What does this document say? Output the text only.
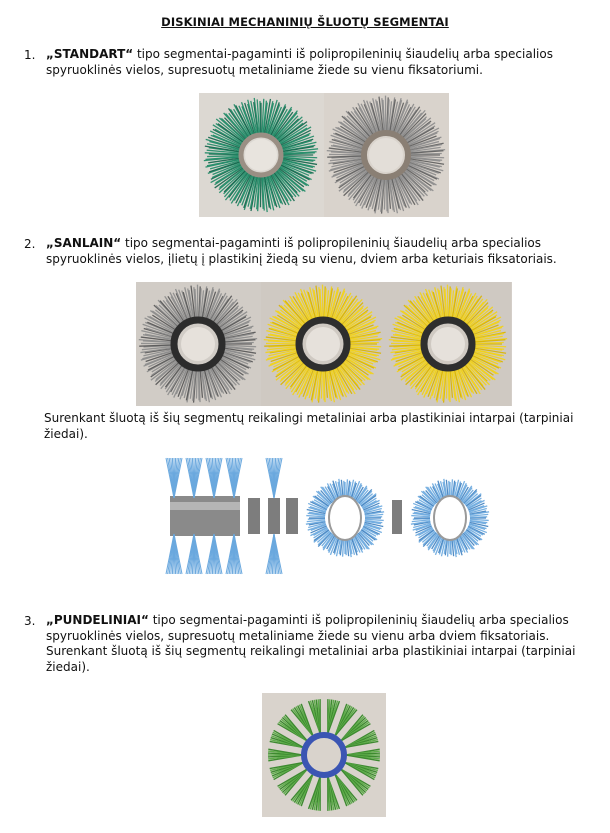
DISKINIAI MECHANINIŲ ŠLUOTŲ SEGMENTAI
1. „STANDART“ tipo segmentai-pagaminti iš polipropileninių šiaudelių arba specialios
spyruoklinės vielos, supresuotų metaliniame žiede su vienu fiksatoriumi.
2. „SANLAIN“ tipo segmentai-pagaminti iš polipropileninių šiaudelių arba specialios
spyruoklinės vielos, įlietų į plastikinį žiedą su vienu, dviem arba keturiais fiksatoriais.
Surenkant šluotą iš šių segmentų reikalingi metaliniai arba plastikiniai intarpai (tarpiniai
žiedai).
3. „PUNDELINIAI“ tipo segmentai-pagaminti iš polipropileninių šiaudelių arba specialios
spyruoklinės vielos, supresuotų metaliniame žiede su vienu arba dviem fiksatoriais.
Surenkant šluotą iš šių segmentų reikalingi metaliniai arba plastikiniai intarpai (tarpiniai
žiedai).
